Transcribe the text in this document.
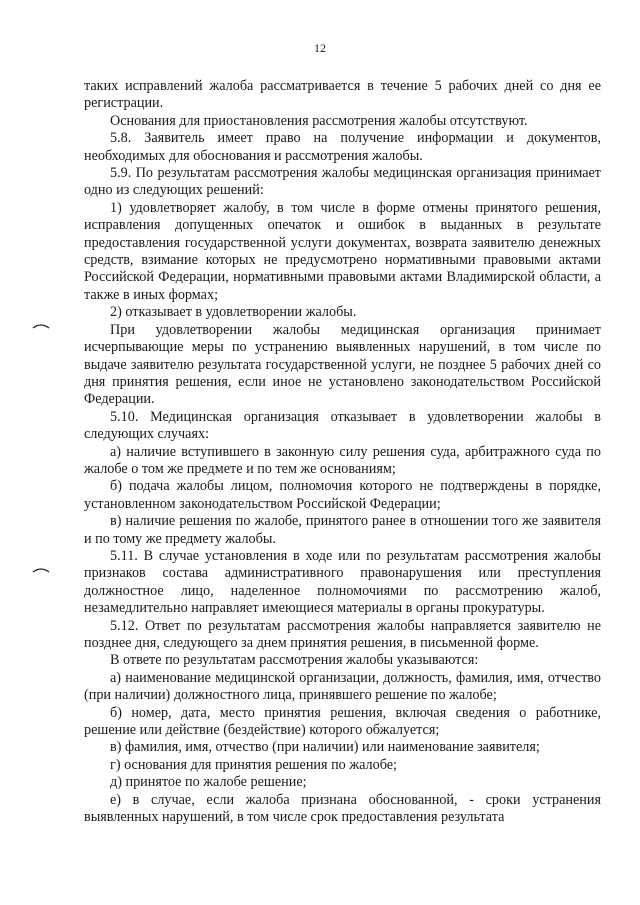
12

таких исправлений жалоба рассматривается в течение 5 рабочих дней со дня ее регистрации.

Основания для приостановления рассмотрения жалобы отсутствуют.

5.8. Заявитель имеет право на получение информации и документов, необходимых для обоснования и рассмотрения жалобы.

5.9. По результатам рассмотрения жалобы медицинская организация принимает одно из следующих решений:

1) удовлетворяет жалобу, в том числе в форме отмены принятого решения, исправления допущенных опечаток и ошибок в выданных в результате предоставления государственной услуги документах, возврата заявителю денежных средств, взимание которых не предусмотрено нормативными правовыми актами Российской Федерации, нормативными правовыми актами Владимирской области, а также в иных формах;

2) отказывает в удовлетворении жалобы.

При удовлетворении жалобы медицинская организация принимает исчерпывающие меры по устранению выявленных нарушений, в том числе по выдаче заявителю результата государственной услуги, не позднее 5 рабочих дней со дня принятия решения, если иное не установлено законодательством Российской Федерации.

5.10. Медицинская организация отказывает в удовлетворении жалобы в следующих случаях:

а) наличие вступившего в законную силу решения суда, арбитражного суда по жалобе о том же предмете и по тем же основаниям;

б) подача жалобы лицом, полномочия которого не подтверждены в порядке, установленном законодательством Российской Федерации;

в) наличие решения по жалобе, принятого ранее в отношении того же заявителя и по тому же предмету жалобы.

5.11. В случае установления в ходе или по результатам рассмотрения жалобы признаков состава административного правонарушения или преступления должностное лицо, наделенное полномочиями по рассмотрению жалоб, незамедлительно направляет имеющиеся материалы в органы прокуратуры.

5.12. Ответ по результатам рассмотрения жалобы направляется заявителю не позднее дня, следующего за днем принятия решения, в письменной форме.

В ответе по результатам рассмотрения жалобы указываются:

а) наименование медицинской организации, должность, фамилия, имя, отчество (при наличии) должностного лица, принявшего решение по жалобе;

б) номер, дата, место принятия решения, включая сведения о работнике, решение или действие (бездействие) которого обжалуется;

в) фамилия, имя, отчество (при наличии) или наименование заявителя;

г) основания для принятия решения по жалобе;

д) принятое по жалобе решение;

е) в случае, если жалоба признана обоснованной, - сроки устранения выявленных нарушений, в том числе срок предоставления результата
